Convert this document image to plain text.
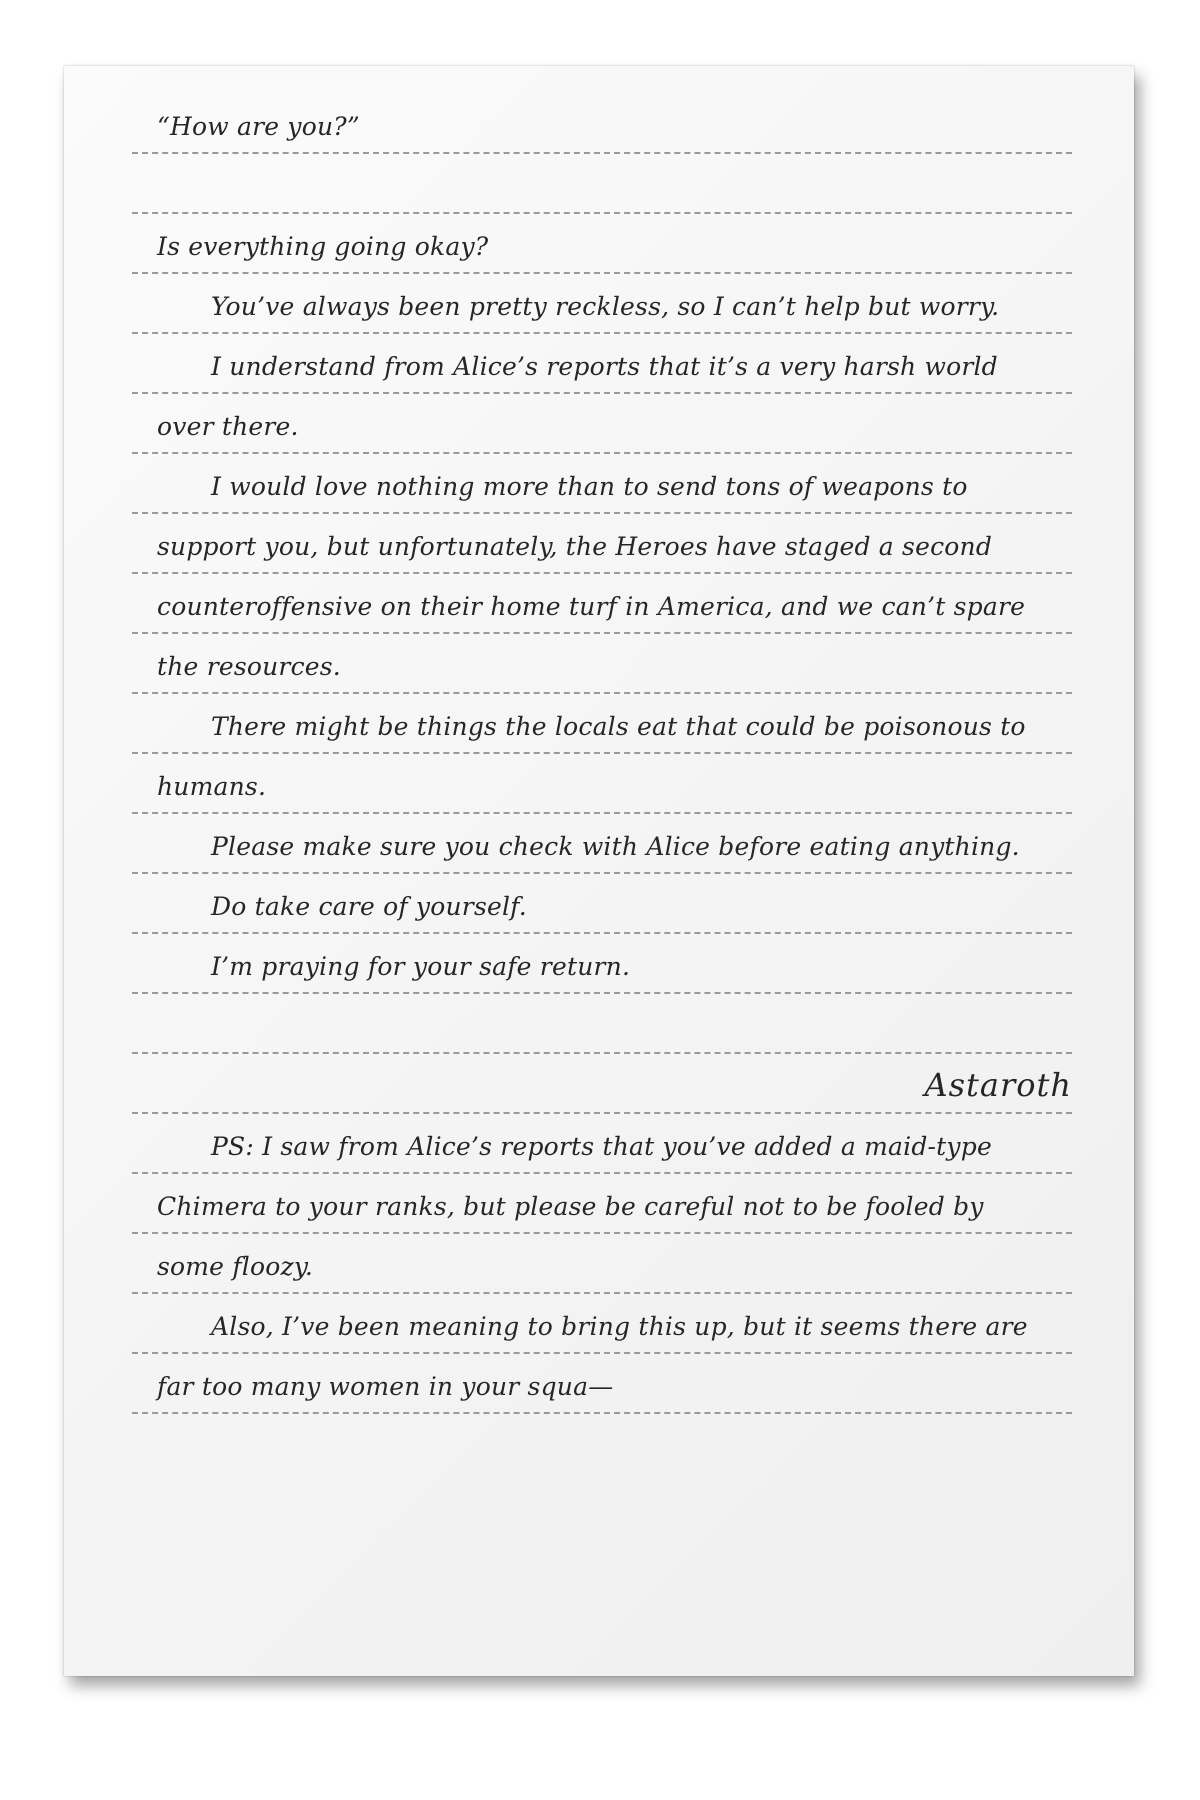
“How are you?”
Is everything going okay?
You’ve always been pretty reckless, so I can’t help but worry.
I understand from Alice’s reports that it’s a very harsh world
over there.
I would love nothing more than to send tons of weapons to
support you, but unfortunately, the Heroes have staged a second
counteroffensive on their home turf in America, and we can’t spare
the resources.
There might be things the locals eat that could be poisonous to
humans.
Please make sure you check with Alice before eating anything.
Do take care of yourself.
I’m praying for your safe return.
Astaroth
PS: I saw from Alice’s reports that you’ve added a maid-type
Chimera to your ranks, but please be careful not to be fooled by
some floozy.
Also, I’ve been meaning to bring this up, but it seems there are
far too many women in your squa—
